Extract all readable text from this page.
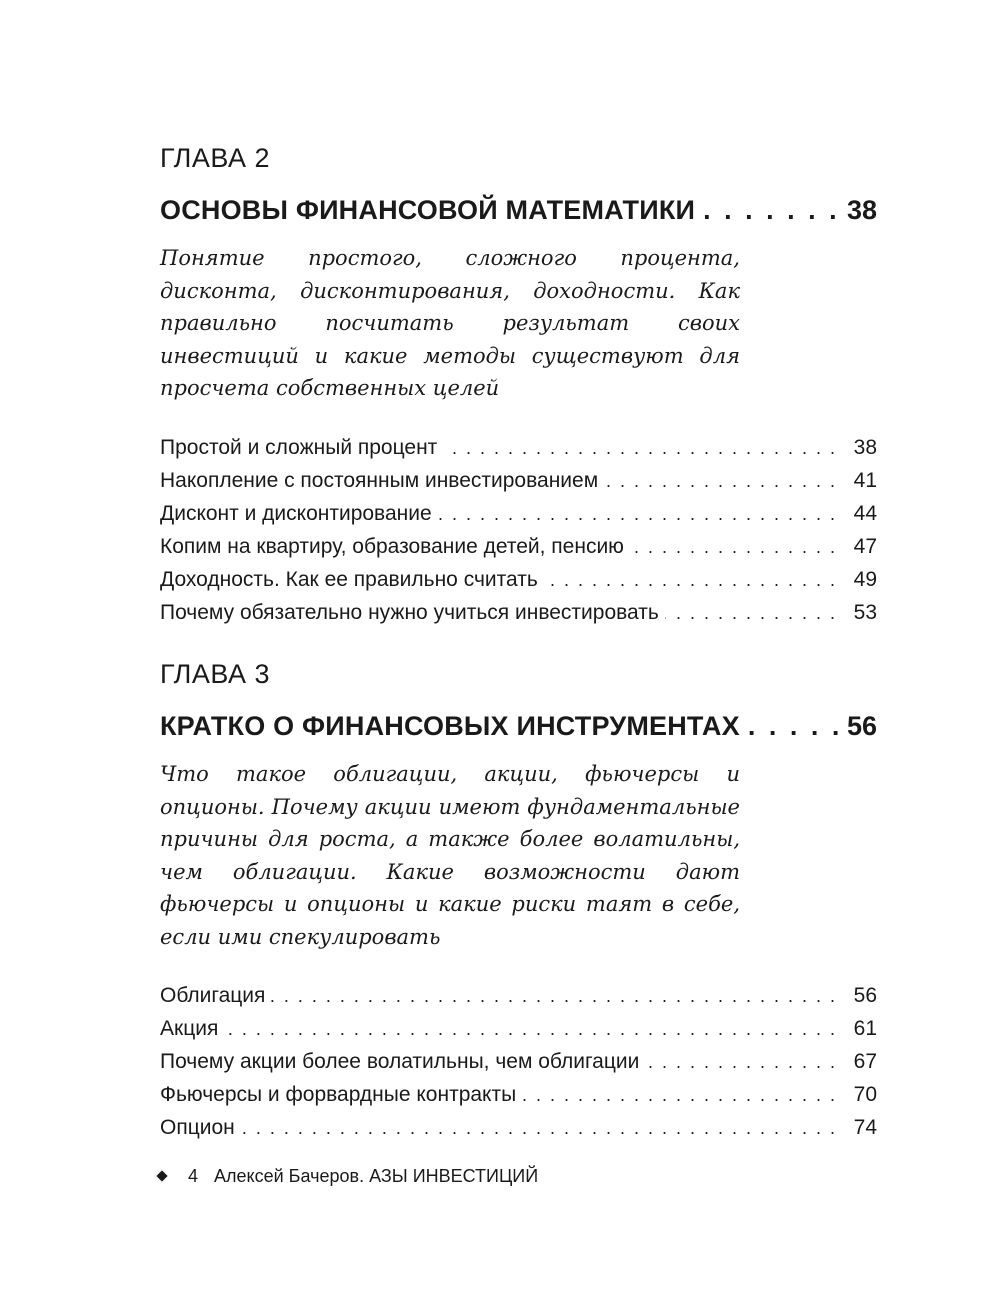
ГЛАВА 2
ОСНОВЫ ФИНАНСОВОЙ МАТЕМАТИКИ . . .	38
Понятие простого, сложного процента, дисконта, дисконтирования, доходности. Как правильно посчитать результат своих инвестиций и какие методы существуют для просчета собственных целей
Простой и сложный процент . . .	38
Накопление с постоянным инвестированием . . .	41
Дисконт и дисконтирование . . .	44
Копим на квартиру, образование детей, пенсию . . .	47
Доходность. Как ее правильно считать . . .	49
Почему обязательно нужно учиться инвестировать . . .	53
ГЛАВА 3
КРАТКО О ФИНАНСОВЫХ ИНСТРУМЕНТАХ . . .	56
Что такое облигации, акции, фьючерсы и опционы. Почему акции имеют фундаментальные причины для роста, а также более волатильны, чем облигации. Какие возможности дают фьючерсы и опционы и какие риски таят в себе, если ими спекулировать
Облигация . . .	56
Акция . . .	61
Почему акции более волатильны, чем облигации . . .	67
Фьючерсы и форвардные контракты . . .	70
Опцион . . .	74
4 Алексей Бачеров. АЗЫ ИНВЕСТИЦИЙ
